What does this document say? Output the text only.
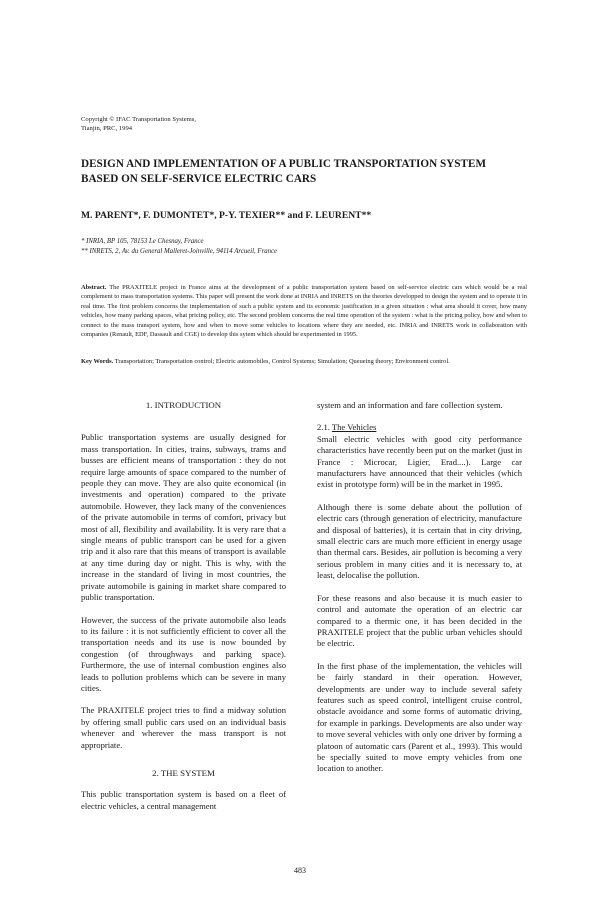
Copyright © IFAC Transportation Systems,
Tianjin, PRC, 1994
DESIGN AND IMPLEMENTATION OF A PUBLIC TRANSPORTATION SYSTEM BASED ON SELF-SERVICE ELECTRIC CARS

M. PARENT*, F. DUMONTET*, P-Y. TEXIER** and F. LEURENT**

* INRIA, BP 105, 78153 Le Chesnay, France
** INRETS, 2, Av. du General Malleret-Joinville, 94114 Arcueil, France

Abstract. The PRAXITELE project in France aims at the development of a public transportation system based on self-service electric cars which would be a real complement to mass transportation systems. This paper will present the work done at INRIA and INRETS on the theories developped to design the system and to operate it in real time. The first problem concerns the implementation of such a public system and its economic justification in a given situation : what area should it cover, how many vehicles, how many parking spaces, what pricing policy, etc. The second problem concerns the real time operation of the system : what is the pricing policy, how and when to connect to the mass transport system, how and when to move some vehicles to locations where they are needed, etc. INRIA and INRETS work in collaboration with companies (Renault, EDF, Dassault and CGE) to develop this sytem which should be experimented in 1995.

Key Words. Transportation; Transportation control; Electric automobiles, Control Systems; Simulation; Queueing theory; Environment control.

1. INTRODUCTION

Public transportation systems are usually designed for mass transportation. In cities, trains, subways, trams and busses are efficient means of transportation : they do not require large amounts of space compared to the number of people they can move. They are also quite economical (in investments and operation) compared to the private automobile. However, they lack many of the conveniences of the private automobile in terms of comfort, privacy but most of all, flexibility and availability. It is very rare that a single means of public transport can be used for a given trip and it also rare that this means of transport is available at any time during day or night. This is why, with the increase in the standard of living in most countries, the private automobile is gaining in market share compared to public transportation.

However, the success of the private automobile also leads to its failure : it is not sufficiently efficient to cover all the transportation needs and its use is now bounded by congestion (of throughways and parking space). Furthermore, the use of internal combustion engines also leads to pollution problems which can be severe in many cities.

The PRAXITELE project tries to find a midway solution by offering small public cars used on an individual basis whenever and wherever the mass transport is not appropriate.

2. THE SYSTEM

This public transportation system is based on a fleet of electric vehicles, a central management

system and an information and fare collection system.

2.1. The Vehicles

Small electric vehicles with good city performance characteristics have recently been put on the market (just in France : Microcar, Ligier, Erad....). Large car manufacturers have announced that their vehicles (which exist in prototype form) will be in the market in 1995.

Although there is some debate about the pollution of electric cars (through generation of electricity, manufacture and disposal of batteries), it is certain that in city driving, small electric cars are much more efficient in energy usage than thermal cars. Besides, air pollution is becoming a very serious problem in many cities and it is necessary to, at least, delocalise the pollution.

For these reasons and also because it is much easier to control and automate the operation of an electric car compared to a thermic one, it has been decided in the PRAXITELE project that the public urban vehicles should be electric.

In the first phase of the implementation, the vehicles will be fairly standard in their operation. However, developments are under way to include several safety features such as speed control, intelligent cruise control, obstacle avoidance and some forms of automatic driving, for example in parkings. Developments are also under way to move several vehicles with only one driver by forming a platoon of automatic cars (Parent et al., 1993). This would be specially suited to move empty vehicles from one location to another.

483
